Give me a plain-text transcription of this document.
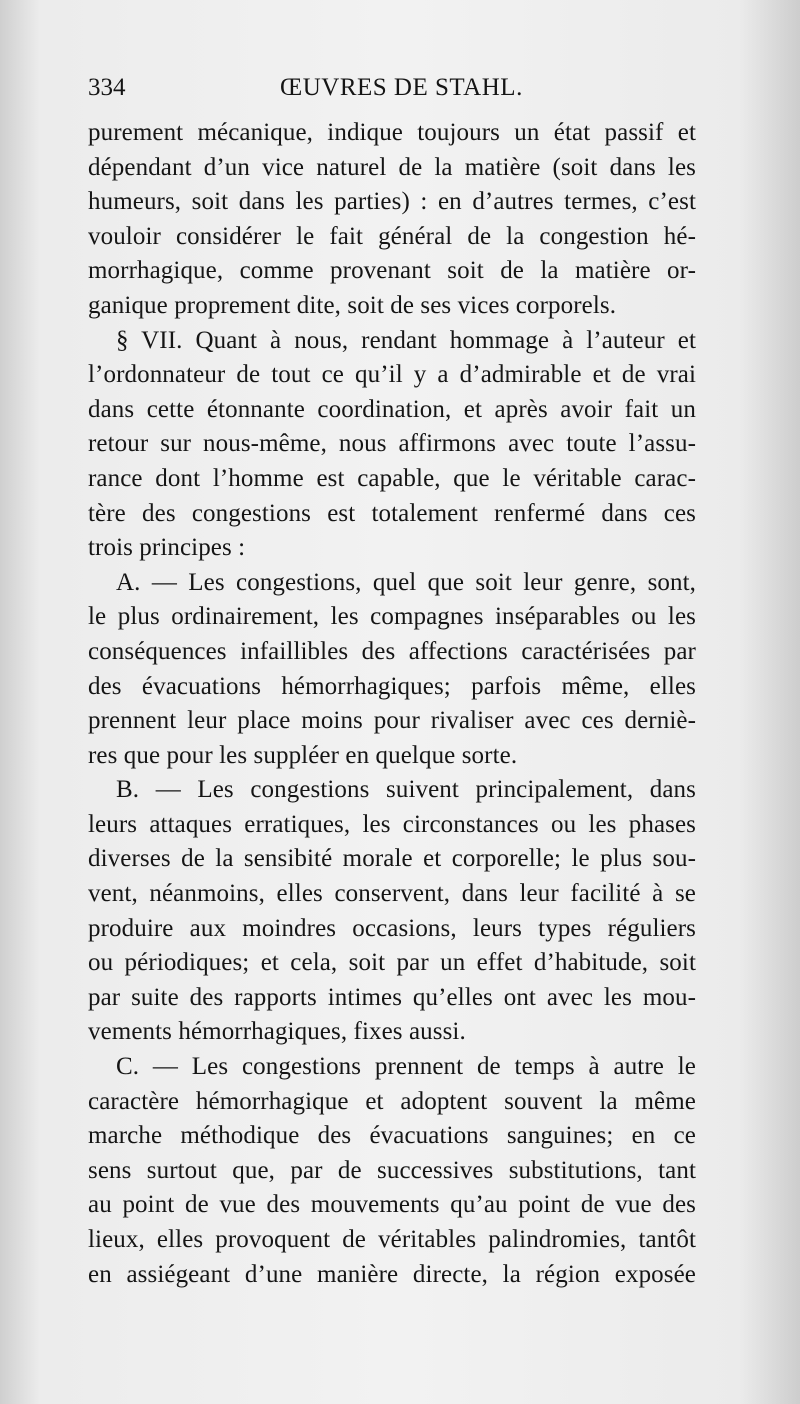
334	ŒUVRES DE STAHL.
purement mécanique, indique toujours un état passif et
dépendant d’un vice naturel de la matière (soit dans les
humeurs, soit dans les parties) : en d’autres termes, c’est
vouloir considérer le fait général de la congestion hé-
morrhagique, comme provenant soit de la matière or-
ganique proprement dite, soit de ses vices corporels.
§ VII. Quant à nous, rendant hommage à l’auteur et
l’ordonnateur de tout ce qu’il y a d’admirable et de vrai
dans cette étonnante coordination, et après avoir fait un
retour sur nous-même, nous affirmons avec toute l’assu-
rance dont l’homme est capable, que le véritable carac-
tère des congestions est totalement renfermé dans ces
trois principes :
A. — Les congestions, quel que soit leur genre, sont,
le plus ordinairement, les compagnes inséparables ou les
conséquences infaillibles des affections caractérisées par
des évacuations hémorrhagiques; parfois même, elles
prennent leur place moins pour rivaliser avec ces derniè-
res que pour les suppléer en quelque sorte.
B. — Les congestions suivent principalement, dans
leurs attaques erratiques, les circonstances ou les phases
diverses de la sensibité morale et corporelle; le plus sou-
vent, néanmoins, elles conservent, dans leur facilité à se
produire aux moindres occasions, leurs types réguliers
ou périodiques; et cela, soit par un effet d’habitude, soit
par suite des rapports intimes qu’elles ont avec les mou-
vements hémorrhagiques, fixes aussi.
C. — Les congestions prennent de temps à autre le
caractère hémorrhagique et adoptent souvent la même
marche méthodique des évacuations sanguines; en ce
sens surtout que, par de successives substitutions, tant
au point de vue des mouvements qu’au point de vue des
lieux, elles provoquent de véritables palindromies, tantôt
en assiégeant d’une manière directe, la région exposée
